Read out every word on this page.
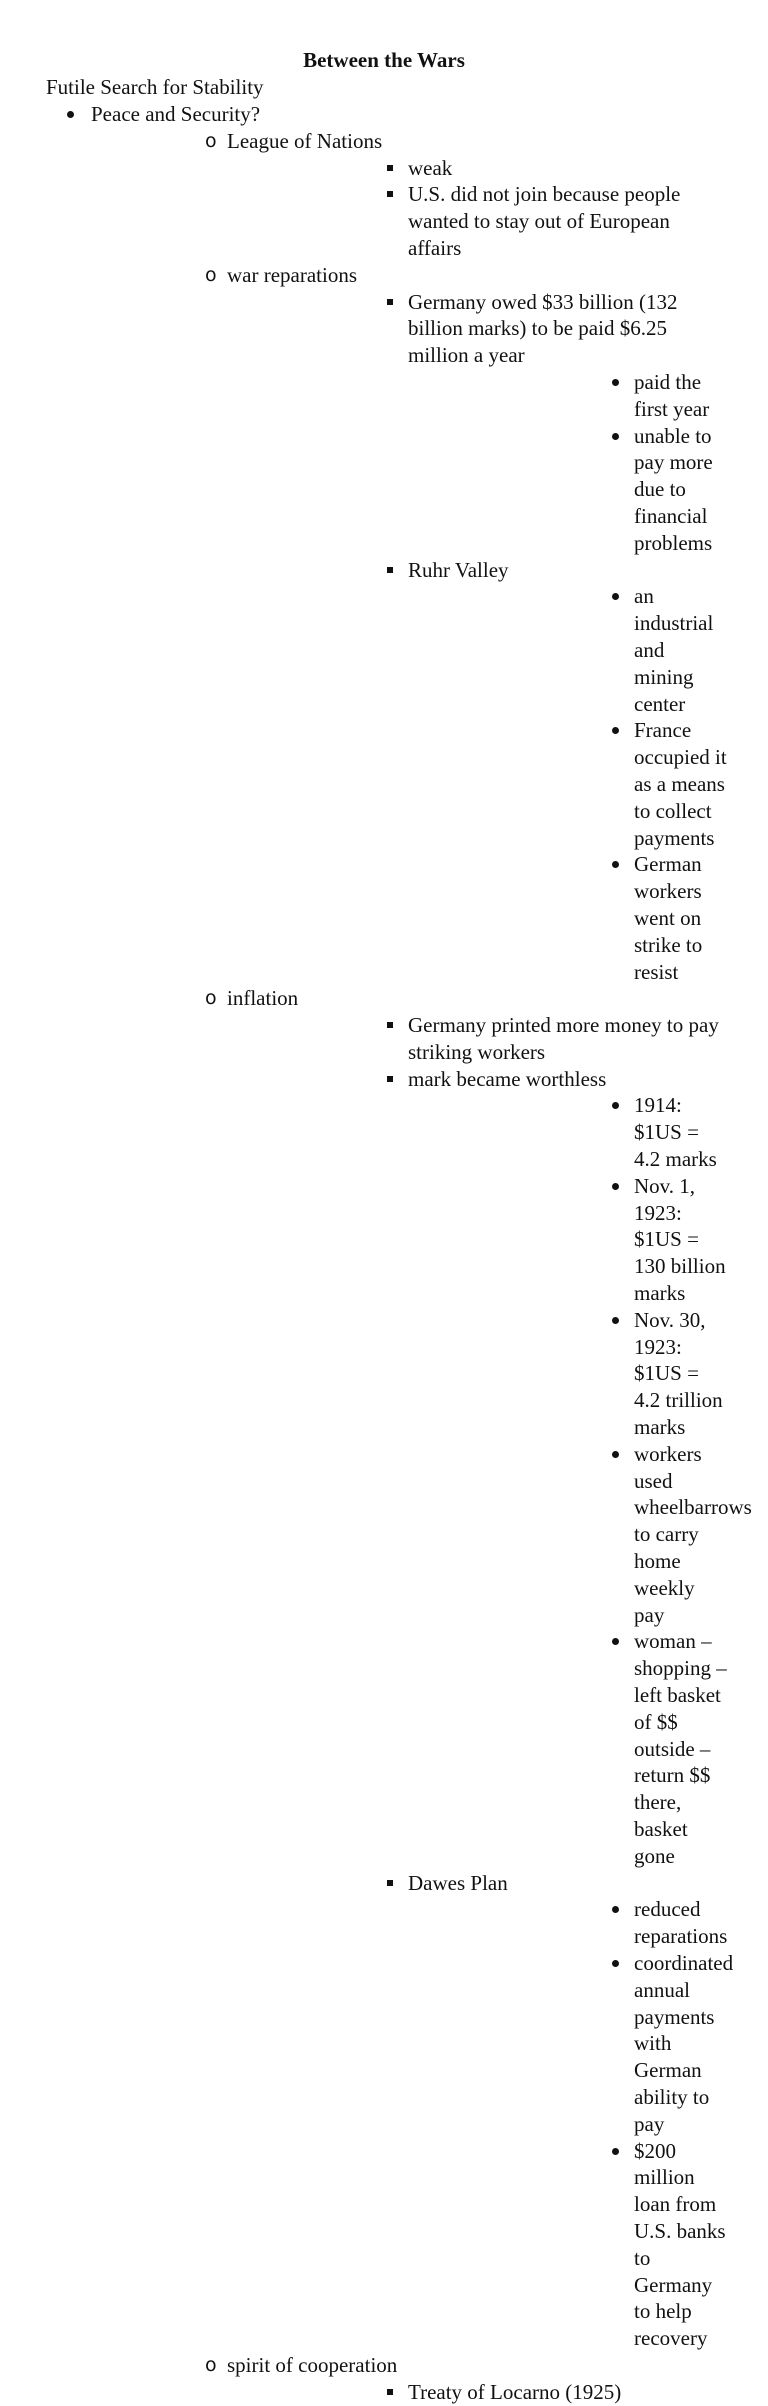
Between the Wars
Futile Search for Stability
Peace and Security?
o League of Nations
weak
U.S. did not join because people wanted to stay out of European affairs
o war reparations
Germany owed $33 billion (132 billion marks) to be paid $6.25 million a year
paid the first year
unable to pay more due to financial problems
Ruhr Valley
an industrial and mining center
France occupied it as a means to collect payments
German workers went on strike to resist
o inflation
Germany printed more money to pay striking workers
mark became worthless
1914: $1US = 4.2 marks
Nov. 1, 1923: $1US = 130 billion marks
Nov. 30, 1923: $1US = 4.2 trillion marks
workers used wheelbarrows to carry home weekly pay
woman – shopping – left basket of $$ outside – return $$ there, basket gone
Dawes Plan
reduced reparations
coordinated annual payments with German ability to pay
$200 million loan from U.S. banks to Germany to help recovery
o spirit of cooperation
Treaty of Locarno (1925)
